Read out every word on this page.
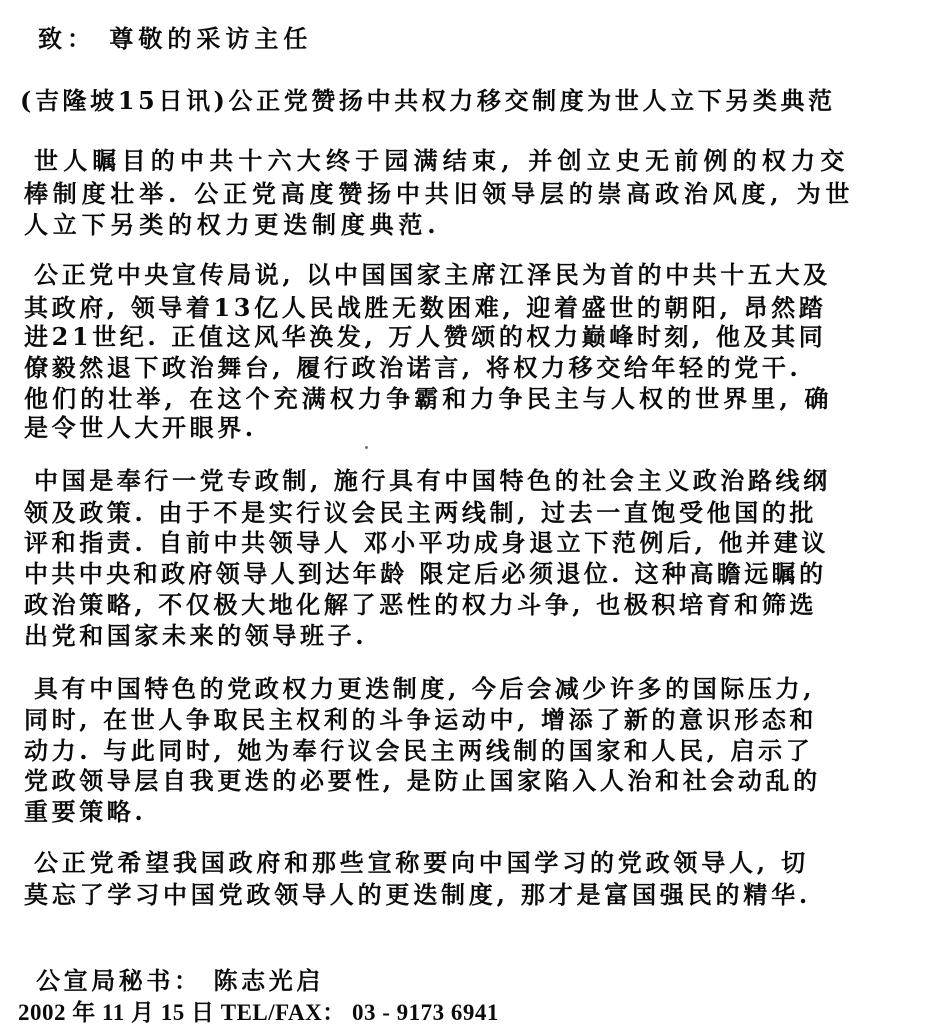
致： 尊敬的采访主任
(吉隆坡15日讯)公正党赞扬中共权力移交制度为世人立下另类典范
世人瞩目的中共十六大终于园满结束, 并创立史无前例的权力交
棒制度壮举. 公正党高度赞扬中共旧领导层的崇高政治风度, 为世
人立下另类的权力更迭制度典范.
公正党中央宣传局说, 以中国国家主席江泽民为首的中共十五大及
其政府, 领导着13亿人民战胜无数困难, 迎着盛世的朝阳, 昂然踏
进21世纪. 正值这风华涣发, 万人赞颂的权力巅峰时刻, 他及其同
僚毅然退下政治舞台, 履行政治诺言, 将权力移交给年轻的党干.
他们的壮举, 在这个充满权力争霸和力争民主与人权的世界里, 确
是令世人大开眼界.
中国是奉行一党专政制, 施行具有中国特色的社会主义政治路线纲
领及政策. 由于不是实行议会民主两线制, 过去一直饱受他国的批
评和指责. 自前中共领导人 邓小平功成身退立下范例后, 他并建议
中共中央和政府领导人到达年龄 限定后必须退位. 这种高瞻远瞩的
政治策略, 不仅极大地化解了恶性的权力斗争, 也极积培育和筛选
出党和国家未来的领导班子.
具有中国特色的党政权力更迭制度, 今后会减少许多的国际压力,
同时, 在世人争取民主权利的斗争运动中, 增添了新的意识形态和
动力. 与此同时, 她为奉行议会民主两线制的国家和人民, 启示了
党政领导层自我更迭的必要性, 是防止国家陷入人治和社会动乱的
重要策略.
公正党希望我国政府和那些宣称要向中国学习的党政领导人, 切
莫忘了学习中国党政领导人的更迭制度, 那才是富国强民的精华.
公宣局秘书： 陈志光启
2002 年 11 月 15 日 TEL/FAX： 03 - 9173 6941
